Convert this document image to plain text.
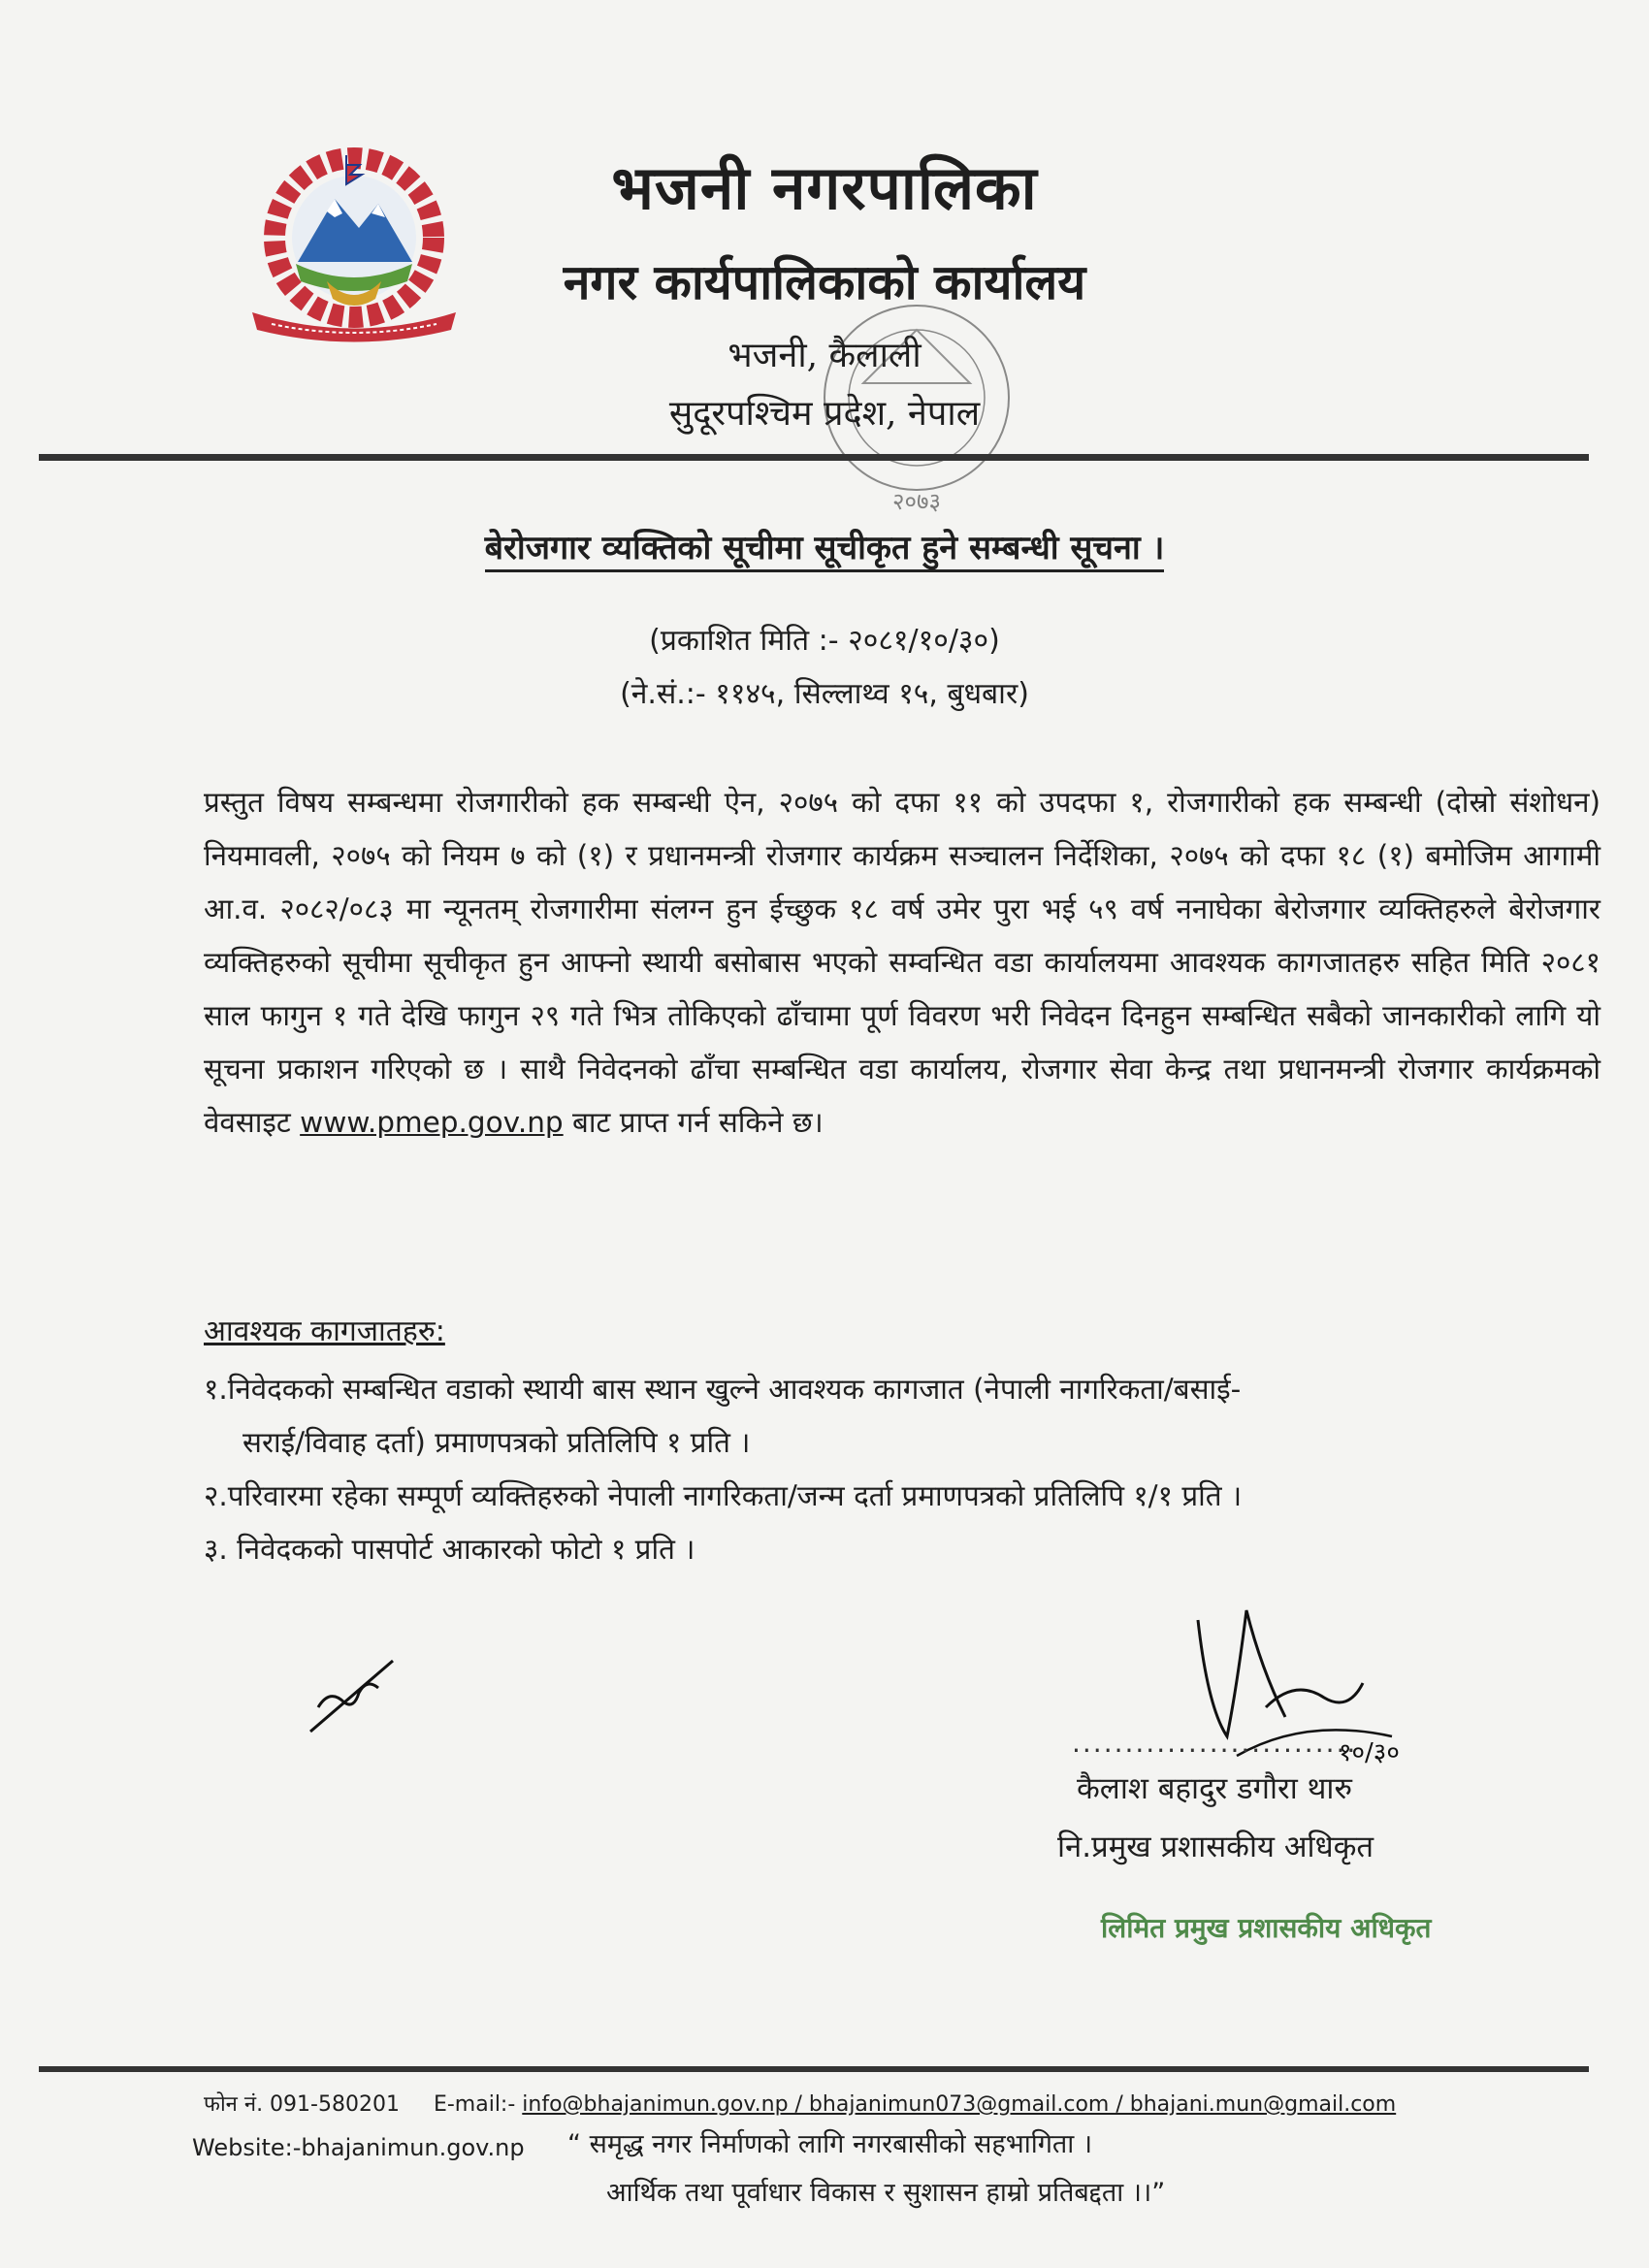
भजनी नगरपालिका
नगर कार्यपालिकाको कार्यालय
भजनी, कैलाली
सुदूरपश्चिम प्रदेश, नेपाल
२०७३
बेरोजगार व्यक्तिको सूचीमा सूचीकृत हुने सम्बन्धी सूचना ।
(प्रकाशित मिति :- २०८१/१०/३०)
(ने.सं.:- ११४५, सिल्लाथ्व १५, बुधबार)
प्रस्तुत विषय सम्बन्धमा रोजगारीको हक सम्बन्धी ऐन, २०७५ को दफा ११ को उपदफा १, रोजगारीको हक सम्बन्धी (दोस्रो संशोधन) नियमावली, २०७५ को नियम ७ को (१) र प्रधानमन्त्री रोजगार कार्यक्रम सञ्चालन निर्देशिका, २०७५ को दफा १८ (१) बमोजिम आगामी आ.व. २०८२/०८३ मा न्यूनतम् रोजगारीमा संलग्न हुन ईच्छुक १८ वर्ष उमेर पुरा भई ५९ वर्ष ननाघेका बेरोजगार व्यक्तिहरुले बेरोजगार व्यक्तिहरुको सूचीमा सूचीकृत हुन आफ्नो स्थायी बसोबास भएको सम्वन्धित वडा कार्यालयमा आवश्यक कागजातहरु सहित मिति २०८१ साल फागुन १ गते देखि फागुन २९ गते भित्र तोकिएको ढाँचामा पूर्ण विवरण भरी निवेदन दिनहुन सम्बन्धित सबैको जानकारीको लागि यो सूचना प्रकाशन गरिएको छ । साथै निवेदनको ढाँचा सम्बन्धित वडा कार्यालय, रोजगार सेवा केन्द्र तथा प्रधानमन्त्री रोजगार कार्यक्रमको वेवसाइट www.pmep.gov.np बाट प्राप्त गर्न सकिने छ।
आवश्यक कागजातहरु:
१.निवेदकको सम्बन्धित वडाको स्थायी बास स्थान खुल्ने आवश्यक कागजात (नेपाली नागरिकता/बसाई-
सराई/विवाह दर्ता) प्रमाणपत्रको प्रतिलिपि १ प्रति ।
२.परिवारमा रहेका सम्पूर्ण व्यक्तिहरुको नेपाली नागरिकता/जन्म दर्ता प्रमाणपत्रको प्रतिलिपि १/१ प्रति ।
३. निवेदकको पासपोर्ट आकारको फोटो १ प्रति ।
१०/३०
...........................
कैलाश बहादुर डगौरा थारु
नि.प्रमुख प्रशासकीय अधिकृत
लिमित प्रमुख प्रशासकीय अधिकृत
फोन नं. 091-580201 E-mail:- info@bhajanimun.gov.np / bhajanimun073@gmail.com / bhajani.mun@gmail.com
Website:-bhajanimun.gov.np “ समृद्ध नगर निर्माणको लागि नगरबासीको सहभागिता ।
आर्थिक तथा पूर्वाधार विकास र सुशासन हाम्रो प्रतिबद्दता ।।”
